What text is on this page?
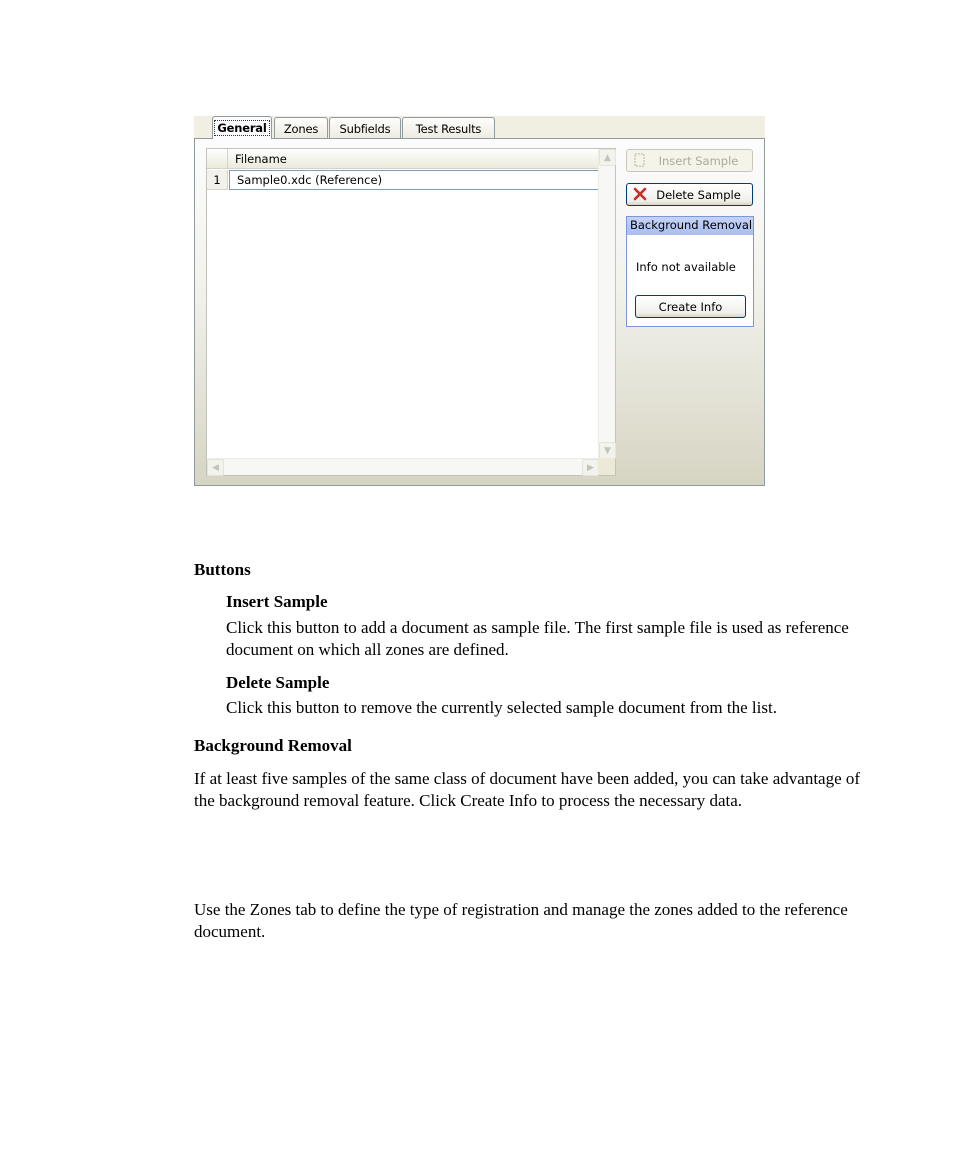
General	Zones	Subfields	Test Results
Filename
1	Sample0.xdc (Reference)
▲
▼
◀	▶
Insert Sample
Delete Sample
Background Removal
Info not available
Create Info
Buttons
Insert Sample
Click this button to add a document as sample file. The first sample file is used as reference document on which all zones are defined.
Delete Sample
Click this button to remove the currently selected sample document from the list.
Background Removal
If at least five samples of the same class of document have been added, you can take advantage of the background removal feature. Click Create Info to process the necessary data.
Use the Zones tab to define the type of registration and manage the zones added to the reference document.
